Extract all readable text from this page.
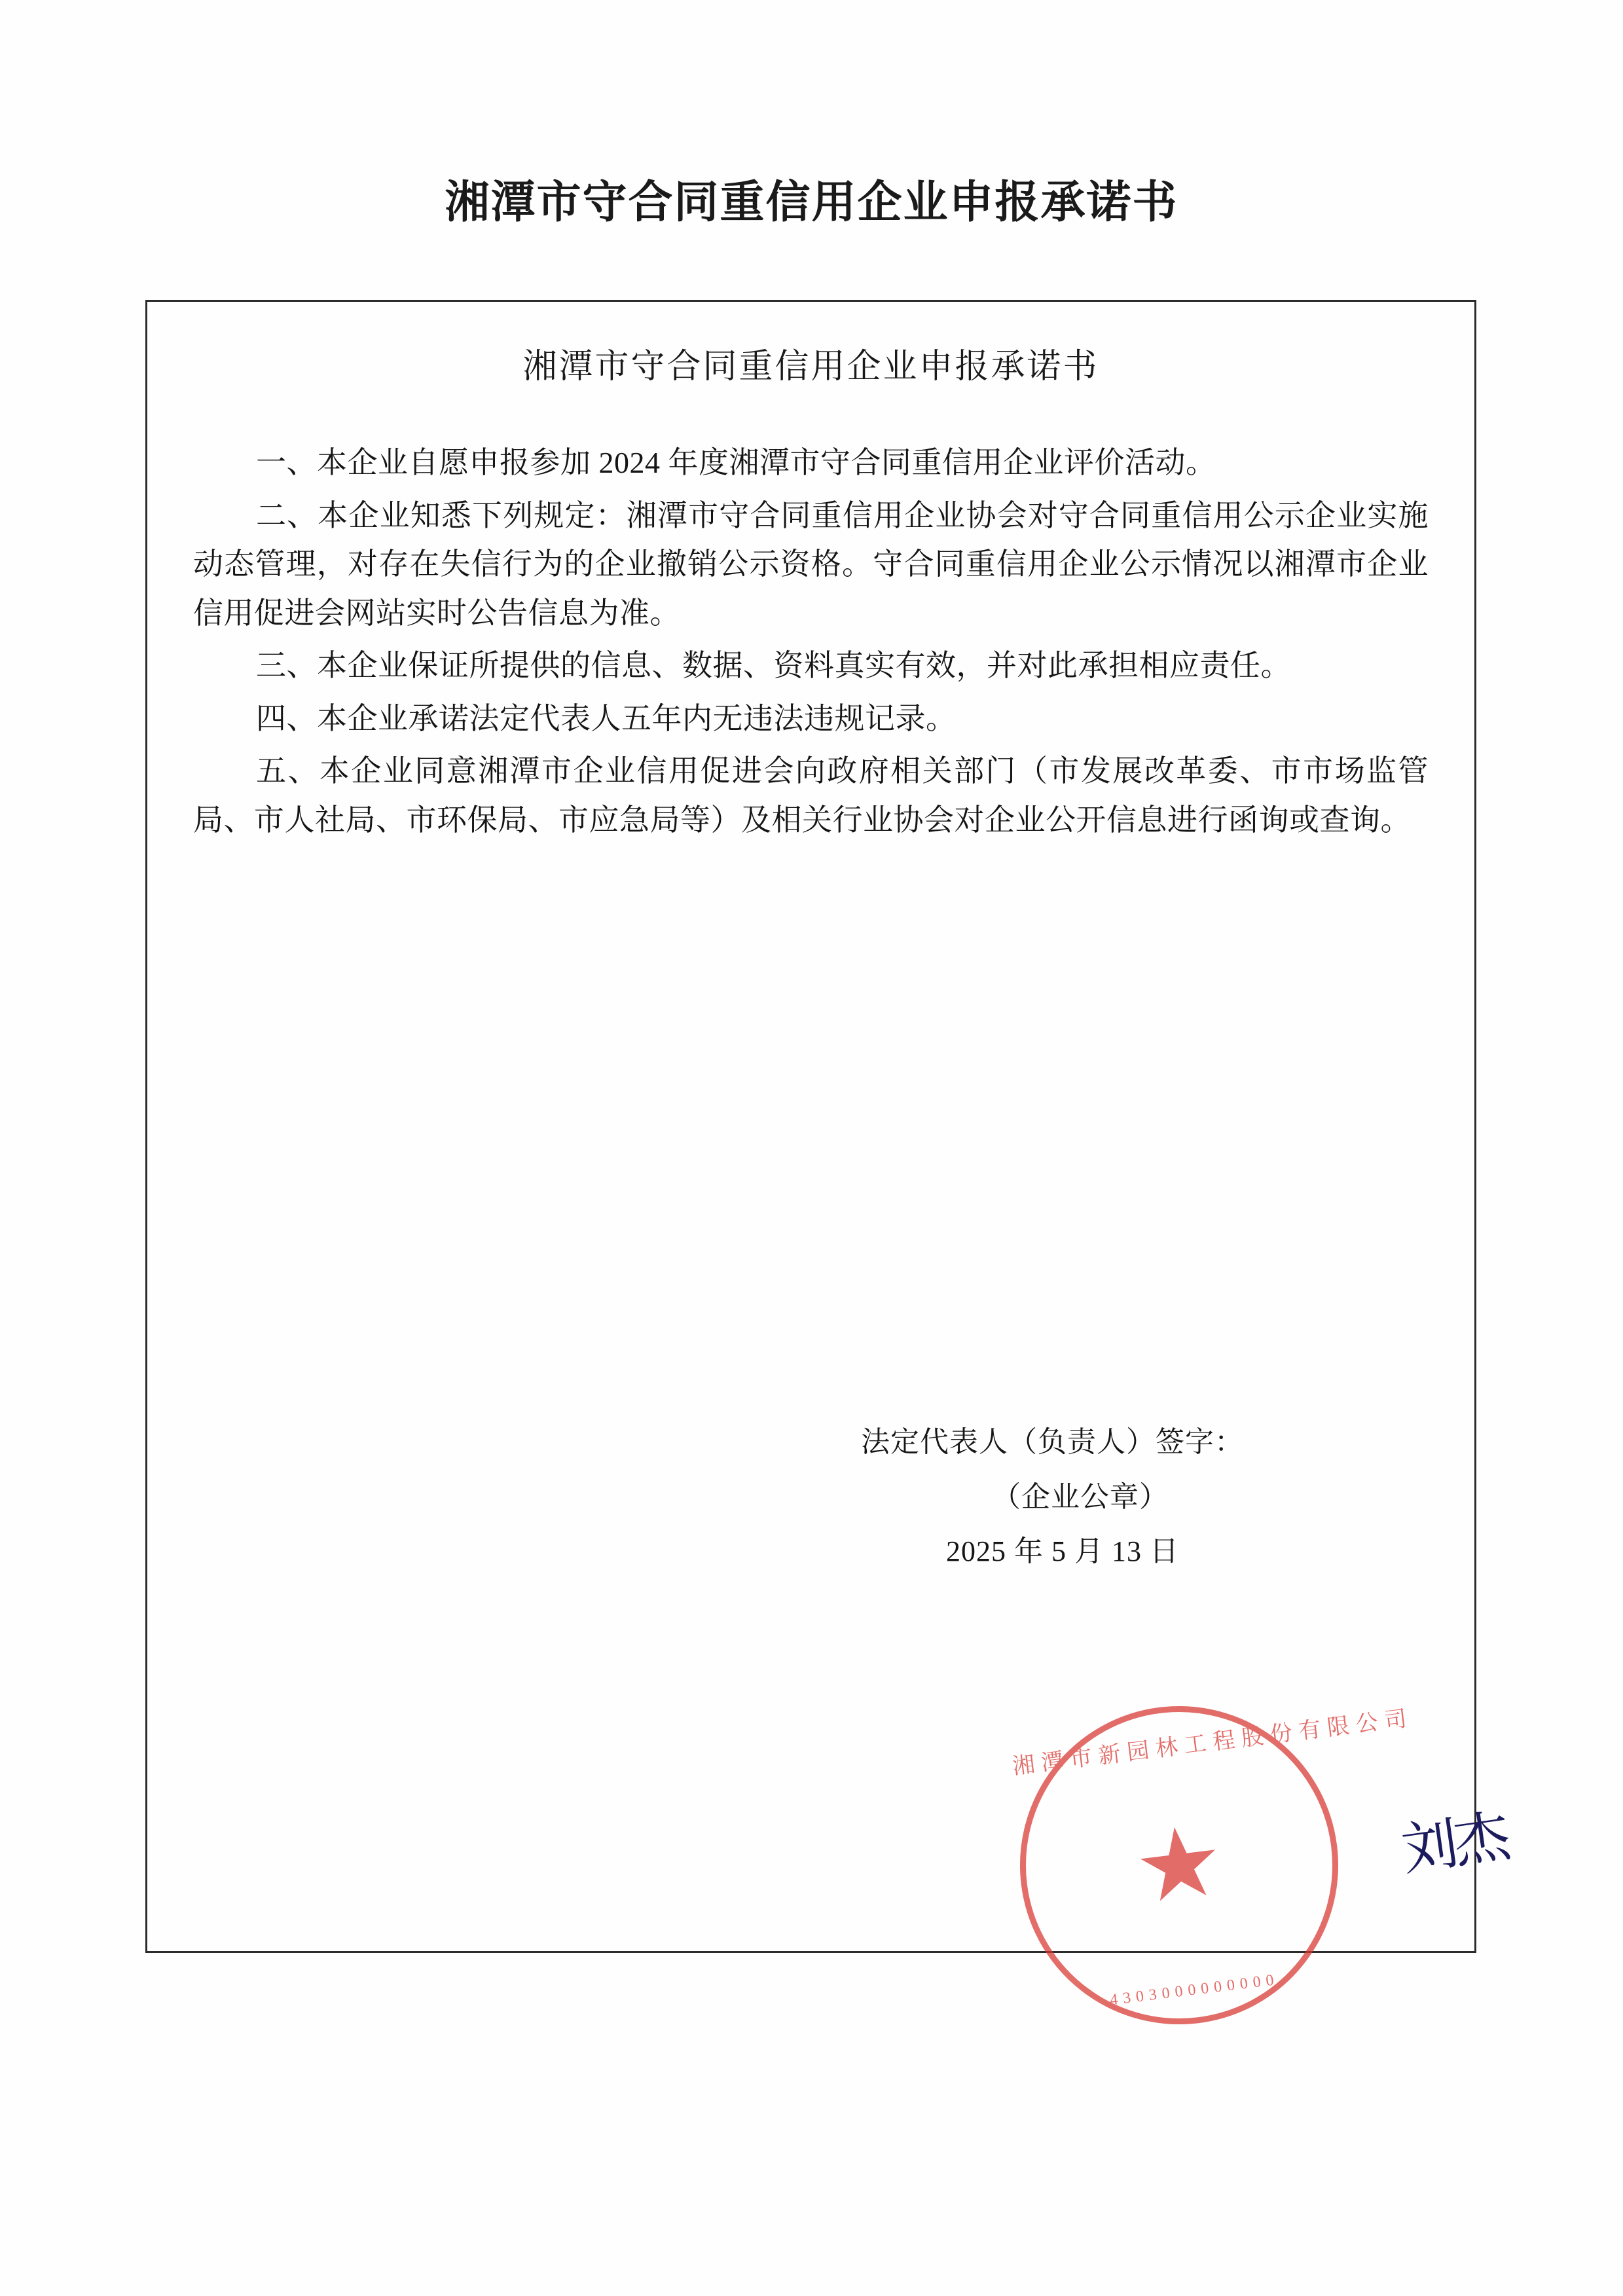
湘潭市守合同重信用企业申报承诺书
湘潭市守合同重信用企业申报承诺书

一、本企业自愿申报参加 2024 年度湘潭市守合同重信用企业评价活动。

二、本企业知悉下列规定：湘潭市守合同重信用企业协会对守合同重信用公示企业实施动态管理，对存在失信行为的企业撤销公示资格。守合同重信用企业公示情况以湘潭市企业信用促进会网站实时公告信息为准。

三、本企业保证所提供的信息、数据、资料真实有效，并对此承担相应责任。

四、本企业承诺法定代表人五年内无违法违规记录。

五、本企业同意湘潭市企业信用促进会向政府相关部门（市发展改革委、市市场监管局、市人社局、市环保局、市应急局等）及相关行业协会对企业公开信息进行函询或查询。

法定代表人（负责人）签字：
（企业公章）
2025 年 5 月 13 日
湘潭市新园林工程股份有限公司
★
4303000000000
刘杰
